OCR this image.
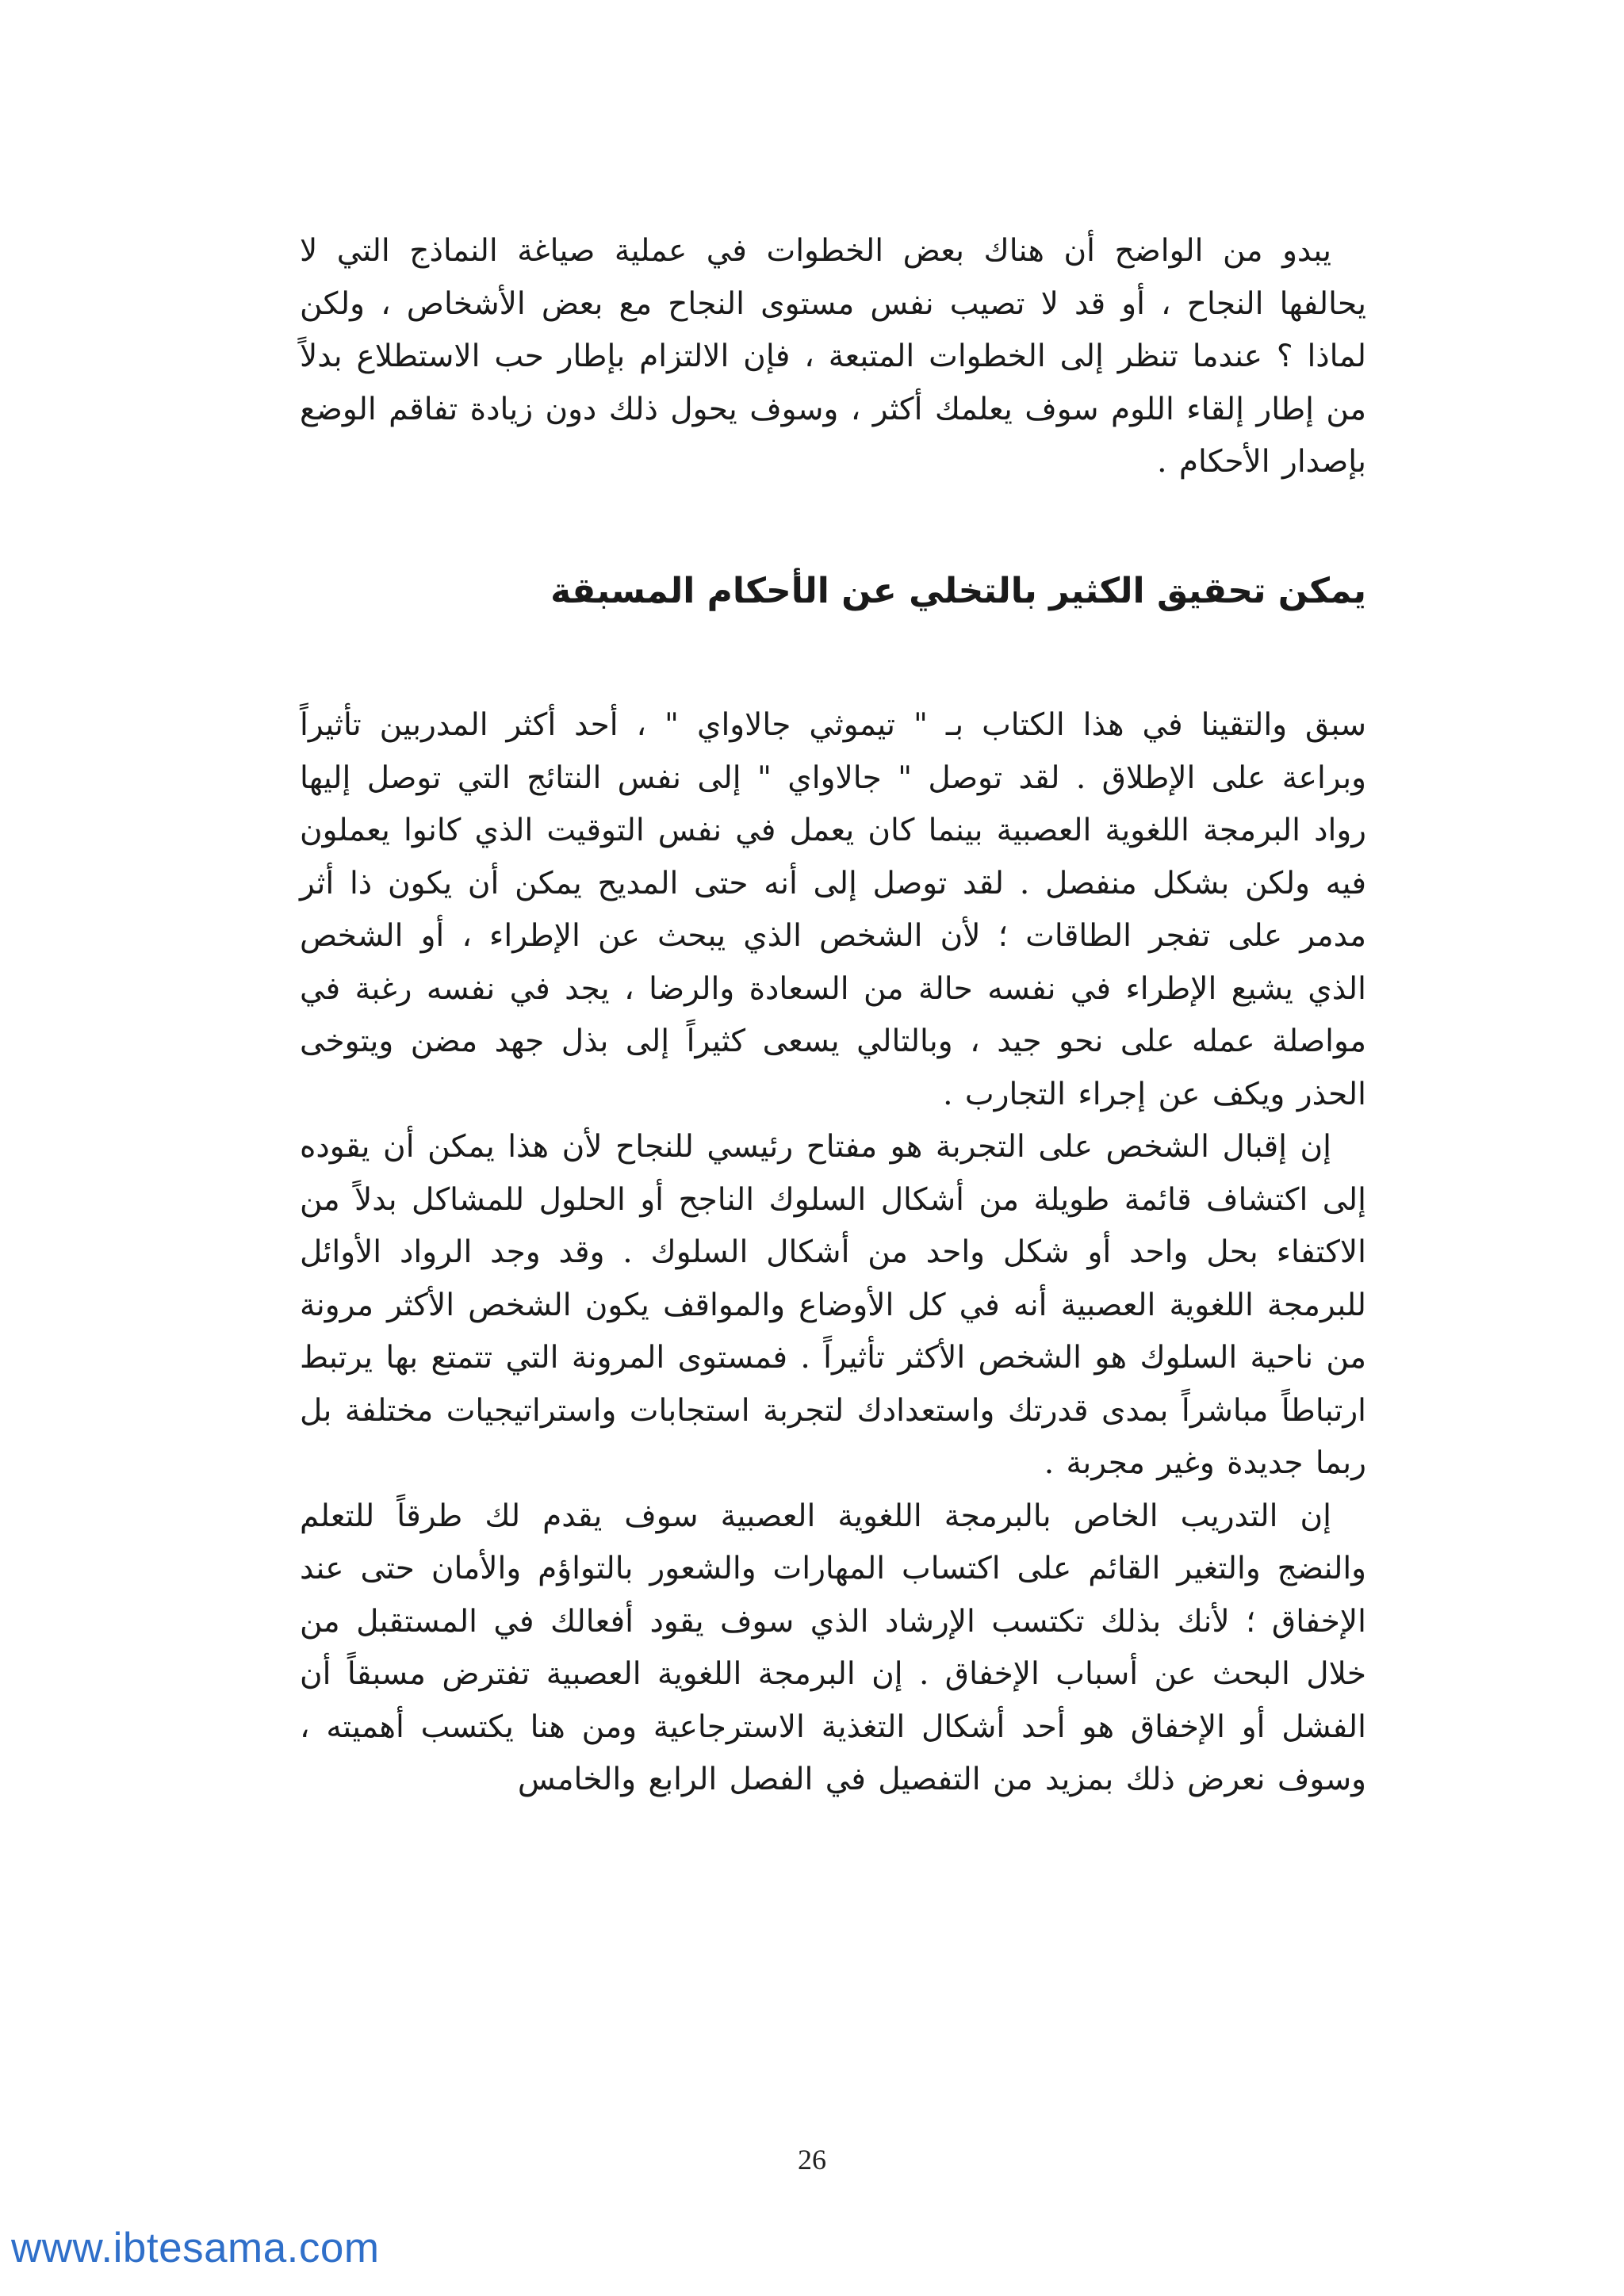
يبدو من الواضح أن هناك بعض الخطوات في عملية صياغة النماذج التي لا يحالفها النجاح ، أو قد لا تصيب نفس مستوى النجاح مع بعض الأشخاص ، ولكن لماذا ؟ عندما تنظر إلى الخطوات المتبعة ، فإن الالتزام بإطار حب الاستطلاع بدلاً من إطار إلقاء اللوم سوف يعلمك أكثر ، وسوف يحول ذلك دون زيادة تفاقم الوضع بإصدار الأحكام .

يمكن تحقيق الكثير بالتخلي عن الأحكام المسبقة

سبق والتقينا في هذا الكتاب بـ " تيموثي جالاواي " ، أحد أكثر المدربين تأثيراً وبراعة على الإطلاق . لقد توصل " جالاواي " إلى نفس النتائج التي توصل إليها رواد البرمجة اللغوية العصبية بينما كان يعمل في نفس التوقيت الذي كانوا يعملون فيه ولكن بشكل منفصل . لقد توصل إلى أنه حتى المديح يمكن أن يكون ذا أثر مدمر على تفجر الطاقات ؛ لأن الشخص الذي يبحث عن الإطراء ، أو الشخص الذي يشيع الإطراء في نفسه حالة من السعادة والرضا ، يجد في نفسه رغبة في مواصلة عمله على نحو جيد ، وبالتالي يسعى كثيراً إلى بذل جهد مضن ويتوخى الحذر ويكف عن إجراء التجارب .

إن إقبال الشخص على التجربة هو مفتاح رئيسي للنجاح لأن هذا يمكن أن يقوده إلى اكتشاف قائمة طويلة من أشكال السلوك الناجح أو الحلول للمشاكل بدلاً من الاكتفاء بحل واحد أو شكل واحد من أشكال السلوك . وقد وجد الرواد الأوائل للبرمجة اللغوية العصبية أنه في كل الأوضاع والمواقف يكون الشخص الأكثر مرونة من ناحية السلوك هو الشخص الأكثر تأثيراً . فمستوى المرونة التي تتمتع بها يرتبط ارتباطاً مباشراً بمدى قدرتك واستعدادك لتجربة استجابات واستراتيجيات مختلفة بل ربما جديدة وغير مجربة .

إن التدريب الخاص بالبرمجة اللغوية العصبية سوف يقدم لك طرقاً للتعلم والنضج والتغير القائم على اكتساب المهارات والشعور بالتواؤم والأمان حتى عند الإخفاق ؛ لأنك بذلك تكتسب الإرشاد الذي سوف يقود أفعالك في المستقبل من خلال البحث عن أسباب الإخفاق . إن البرمجة اللغوية العصبية تفترض مسبقاً أن الفشل أو الإخفاق هو أحد أشكال التغذية الاسترجاعية ومن هنا يكتسب أهميته ، وسوف نعرض ذلك بمزيد من التفصيل في الفصل الرابع والخامس

26
www.ibtesama.com
